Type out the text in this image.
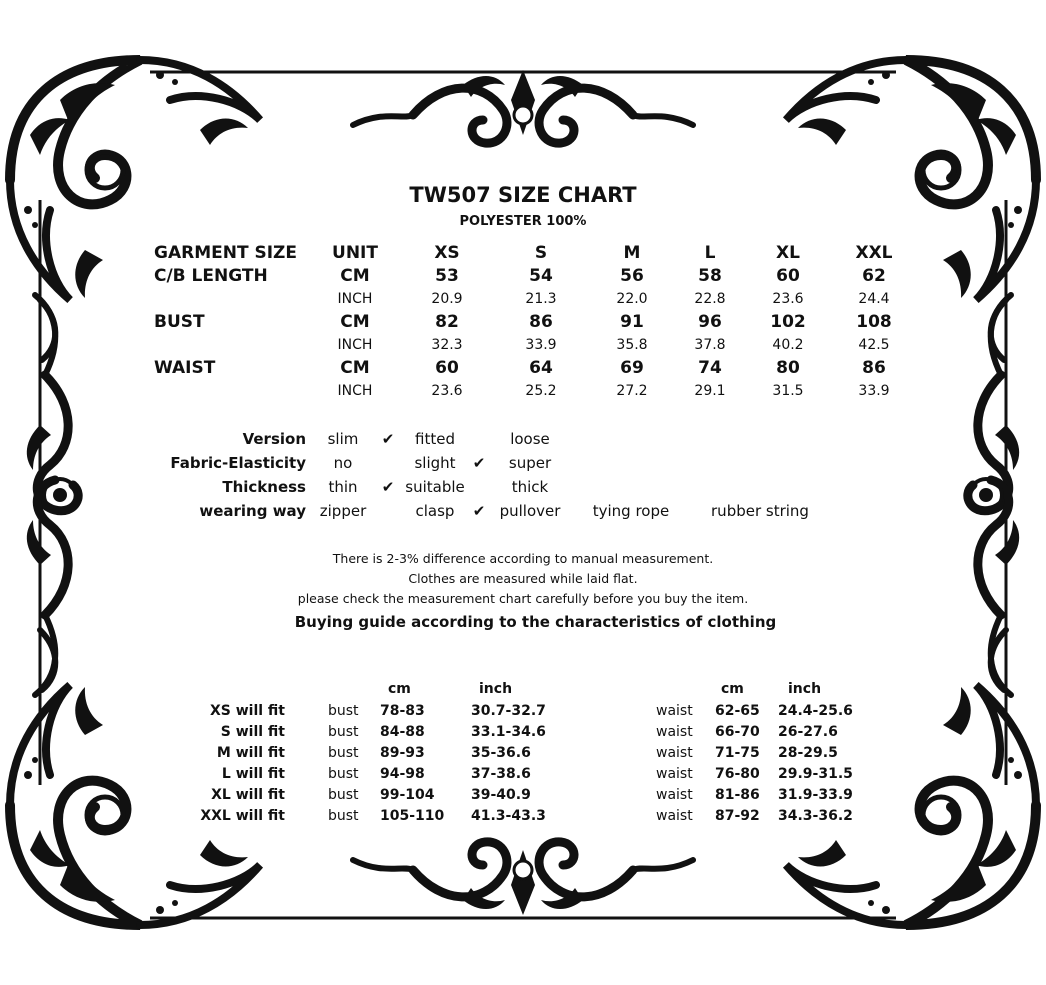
TW507 SIZE CHART
POLYESTER 100%
GARMENT SIZE	UNIT	XS	S	M	L	XL	XXL
C/B LENGTH	CM	53	54	56	58	60	62
INCH	20.9	21.3	22.0	22.8	23.6	24.4
BUST	CM	82	86	91	96	102	108
INCH	32.3	33.9	35.8	37.8	40.2	42.5
WAIST	CM	60	64	69	74	80	86
INCH	23.6	25.2	27.2	29.1	31.5	33.9
Version	slim	✔	fitted	loose
Fabric-Elasticity	no	slight	✔	super
Thickness	thin	✔ suitable	thick
wearing way zipper	clasp	✔ pullover	tying rope	rubber string
There is 2-3% difference according to manual measurement.
Clothes are measured while laid flat.
please check the measurement chart carefully before you buy the item.
Buying guide according to the characteristics of clothing
cm	inch	cm	inch
XS will fit	bust 78-83	30.7-32.7	waist 62-65 24.4-25.6
S will fit	bust 84-88	33.1-34.6	waist 66-70 26-27.6
M will fit	bust 89-93	35-36.6	waist 71-75 28-29.5
L will fit	bust 94-98	37-38.6	waist 76-80 29.9-31.5
XL will fit	bust 99-104	39-40.9	waist 81-86 31.9-33.9
XXL will fit	bust 105-110 41.3-43.3	waist 87-92 34.3-36.2
